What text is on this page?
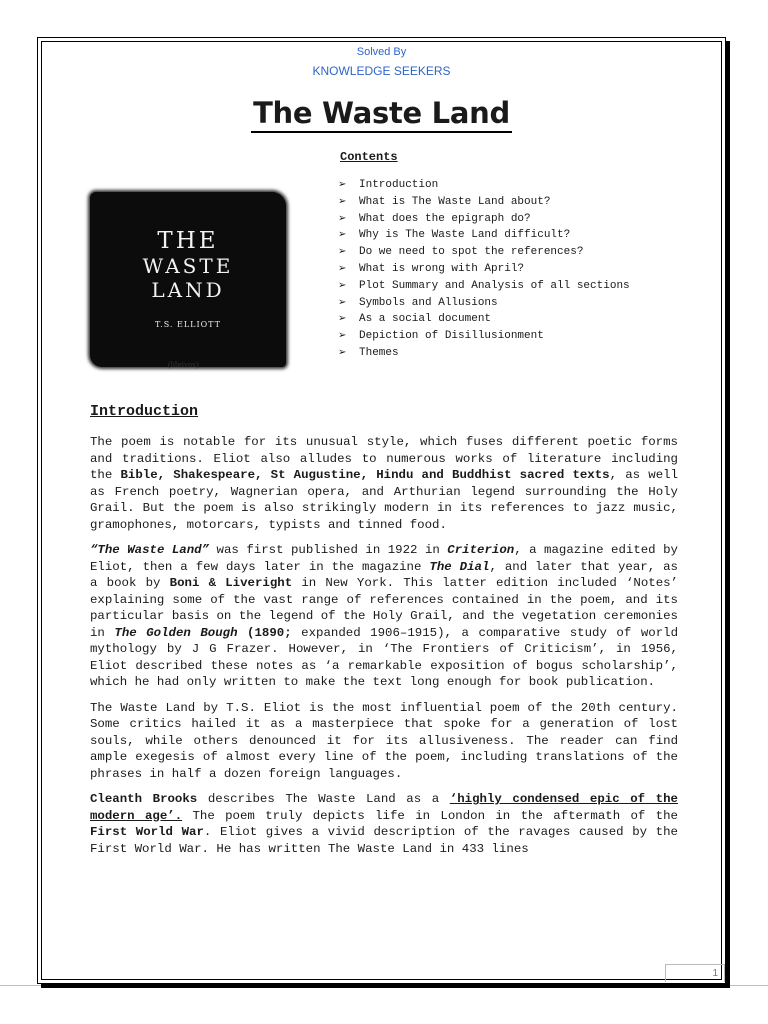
Solved By
KNOWLEDGE SEEKERS
The Waste Land
THE
WASTE
LAND
T.S. ELLIOTT
(librivox)
Contents
➢ Introduction
➢ What is The Waste Land about?
➢ What does the epigraph do?
➢ Why is The Waste Land difficult?
➢ Do we need to spot the references?
➢ What is wrong with April?
➢ Plot Summary and Analysis of all sections
➢ Symbols and Allusions
➢ As a social document
➢ Depiction of Disillusionment
➢ Themes
Introduction

The poem is notable for its unusual style, which fuses different poetic forms and traditions. Eliot also alludes to numerous works of literature including the Bible, Shakespeare, St Augustine, Hindu and Buddhist sacred texts, as well as French poetry, Wagnerian opera, and Arthurian legend surrounding the Holy Grail. But the poem is also strikingly modern in its references to jazz music, gramophones, motorcars, typists and tinned food.

“The Waste Land” was first published in 1922 in Criterion, a magazine edited by Eliot, then a few days later in the magazine The Dial, and later that year, as a book by Boni & Liveright in New York. This latter edition included ‘Notes’ explaining some of the vast range of references contained in the poem, and its particular basis on the legend of the Holy Grail, and the vegetation ceremonies in The Golden Bough (1890; expanded 1906–1915), a comparative study of world mythology by J G Frazer. However, in ‘The Frontiers of Criticism’, in 1956, Eliot described these notes as ‘a remarkable exposition of bogus scholarship’, which he had only written to make the text long enough for book publication.

The Waste Land by T.S. Eliot is the most influential poem of the 20th century. Some critics hailed it as a masterpiece that spoke for a generation of lost souls, while others denounced it for its allusiveness. The reader can find ample exegesis of almost every line of the poem, including translations of the phrases in half a dozen foreign languages.

Cleanth Brooks describes The Waste Land as a ‘highly condensed epic of the modern age’. The poem truly depicts life in London in the aftermath of the First World War. Eliot gives a vivid description of the ravages caused by the First World War. He has written The Waste Land in 433 lines

1
